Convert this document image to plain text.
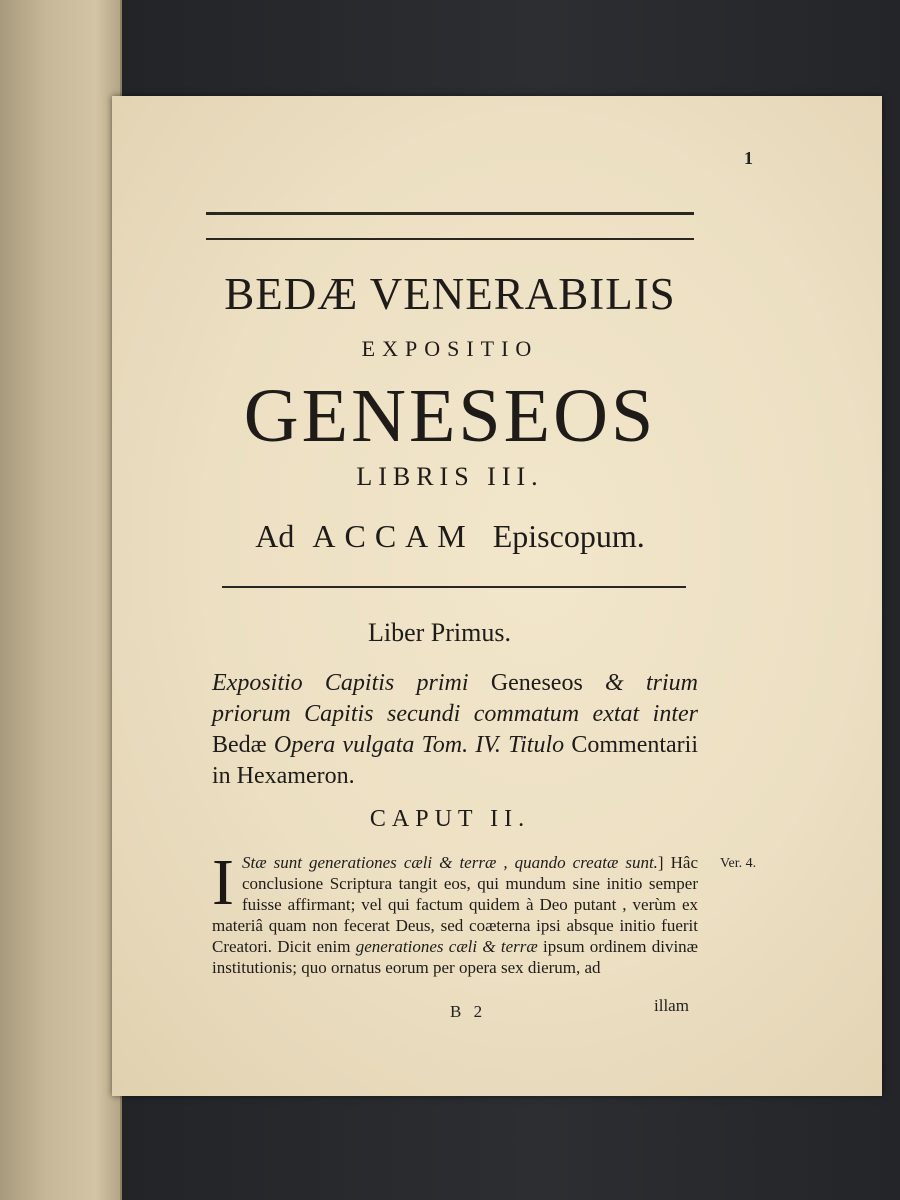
1
BEDÆ VENERABILIS
EXPOSITIO
GENESEOS
LIBRIS III.
Ad ACCAM Episcopum.
Liber Primus.
Expositio Capitis primi Geneseos & trium priorum Capitis secundi commatum extat inter Bedæ Opera vulgata Tom. IV. Titulo Commentarii in Hexameron.
CAPUT II.
I Stæ sunt generationes cæli & terræ , quando creatæ sunt.] Hâc conclusione Scriptura tangit eos, qui mundum sine initio semper fuisse affirmant; vel qui factum quidem à Deo putant , verùm ex materiâ quam non fecerat Deus, sed coæterna ipsi absque initio fuerit Creatori. Dicit enim generationes cæli & terræ ipsum ordinem divinæ institutionis; quo ornatus eorum per opera sex dierum, ad
Ver. 4.
B 2	illam
